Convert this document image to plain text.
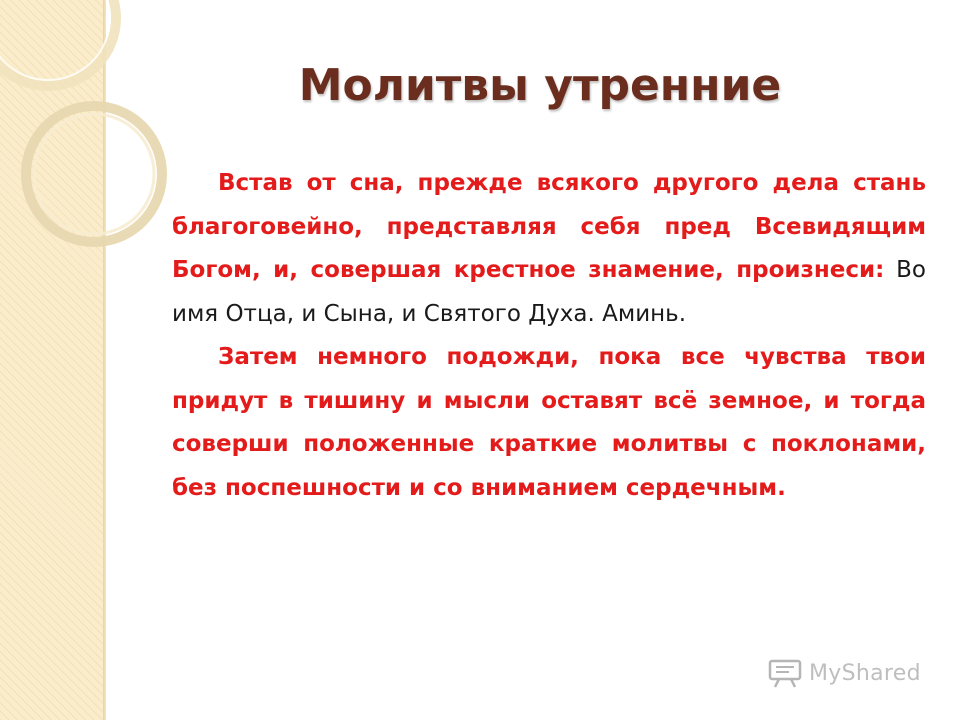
Молитвы утренние

Встав от сна, прежде всякого другого дела стань благоговейно, представляя себя пред Всевидящим Богом, и, совершая крестное знамение, произнеси: Во имя Отца, и Сына, и Святого Духа. Аминь.

Затем немного подожди, пока все чувства твои придут в тишину и мысли оставят всё земное, и тогда соверши положенные краткие молитвы с поклонами, без поспешности и со вниманием сердечным.

MyShared
